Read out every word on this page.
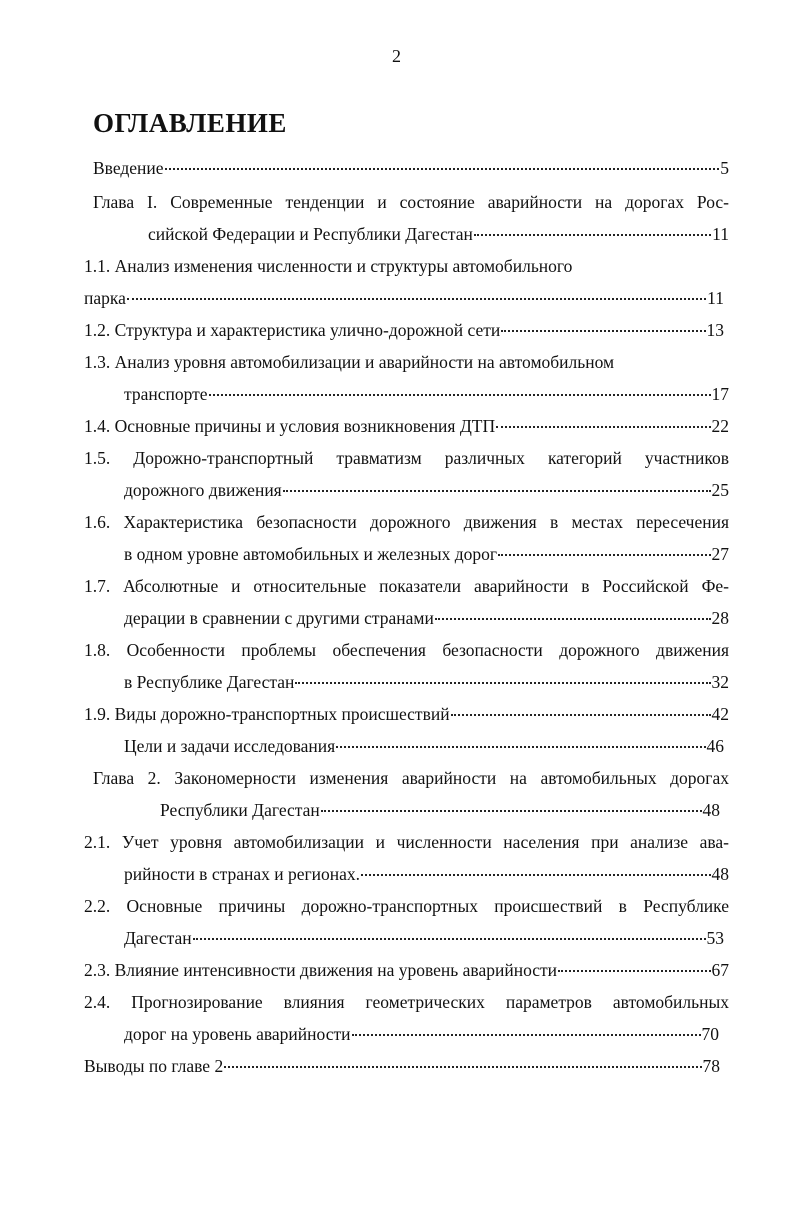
2
ОГЛАВЛЕНИЕ
Введение	5
Глава I. Современные тенденции и состояние аварийности на дорогах Рос-
сийской Федерации и Республики Дагестан	11
1.1. Анализ изменения численности и структуры автомобильного
парка	11
1.2. Структура и характеристика улично-дорожной сети	13
1.3. Анализ уровня автомобилизации и аварийности на автомобильном
транспорте	17
1.4. Основные причины и условия возникновения ДТП	22
1.5. Дорожно-транспортный травматизм различных категорий участников
дорожного движения	25
1.6. Характеристика безопасности дорожного движения в местах пересечения
в одном уровне автомобильных и железных дорог	27
1.7. Абсолютные и относительные показатели аварийности в Российской Фе-
дерации в сравнении с другими странами	28
1.8. Особенности проблемы обеспечения безопасности дорожного движения
в Республике Дагестан	32
1.9. Виды дорожно-транспортных происшествий	42
Цели и задачи исследования	46
Глава 2. Закономерности изменения аварийности на автомобильных дорогах
Республики Дагестан	48
2.1. Учет уровня автомобилизации и численности населения при анализе ава-
рийности в странах и регионах.	48
2.2. Основные причины дорожно-транспортных происшествий в Республике
Дагестан	53
2.3. Влияние интенсивности движения на уровень аварийности	67
2.4. Прогнозирование влияния геометрических параметров автомобильных
дорог на уровень аварийности	70
Выводы по главе 2	78
